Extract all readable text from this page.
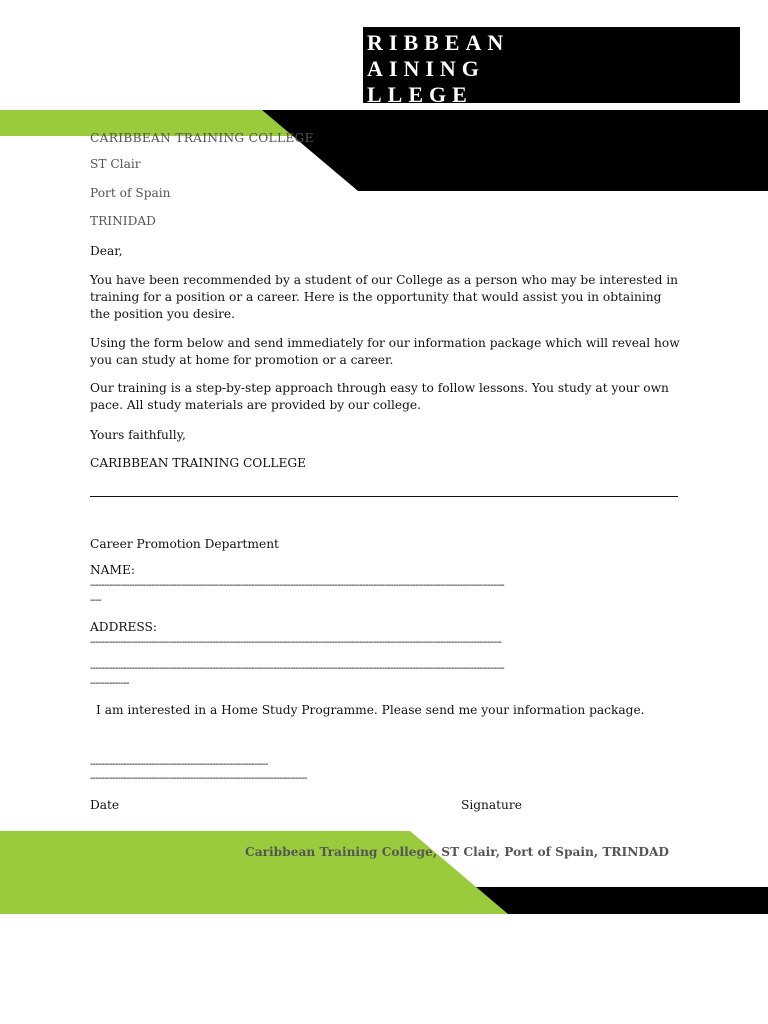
RIBBEAN
AINING
LLEGE
CARIBBEAN TRAINING COLLEGE
ST Clair
Port of Spain
TRINIDAD
Dear,
You have been recommended by a student of our College as a person who may be interested in training for a position or a career. Here is the opportunity that would assist you in obtaining the position you desire.
Using the form below and send immediately for our information package which will reveal how you can study at home for promotion or a career.
Our training is a step-by-step approach through easy to follow lessons. You study at your own pace. All study materials are provided by our college.
Yours faithfully,
CARIBBEAN TRAINING COLLEGE
Career Promotion Department
NAME:
-----------------------------------------------------------------------------------------------------------------------------------------------------
----
ADDRESS:
----------------------------------------------------------------------------------------------------------------------------------------------------
-----------------------------------------------------------------------------------------------------------------------------------------------------
--------------
I am interested in a Home Study Programme. Please send me your information package.
----------------------------------------------------------------
------------------------------------------------------------------------------
Date	Signature
Caribbean Training College, ST Clair, Port of Spain, TRINDAD
